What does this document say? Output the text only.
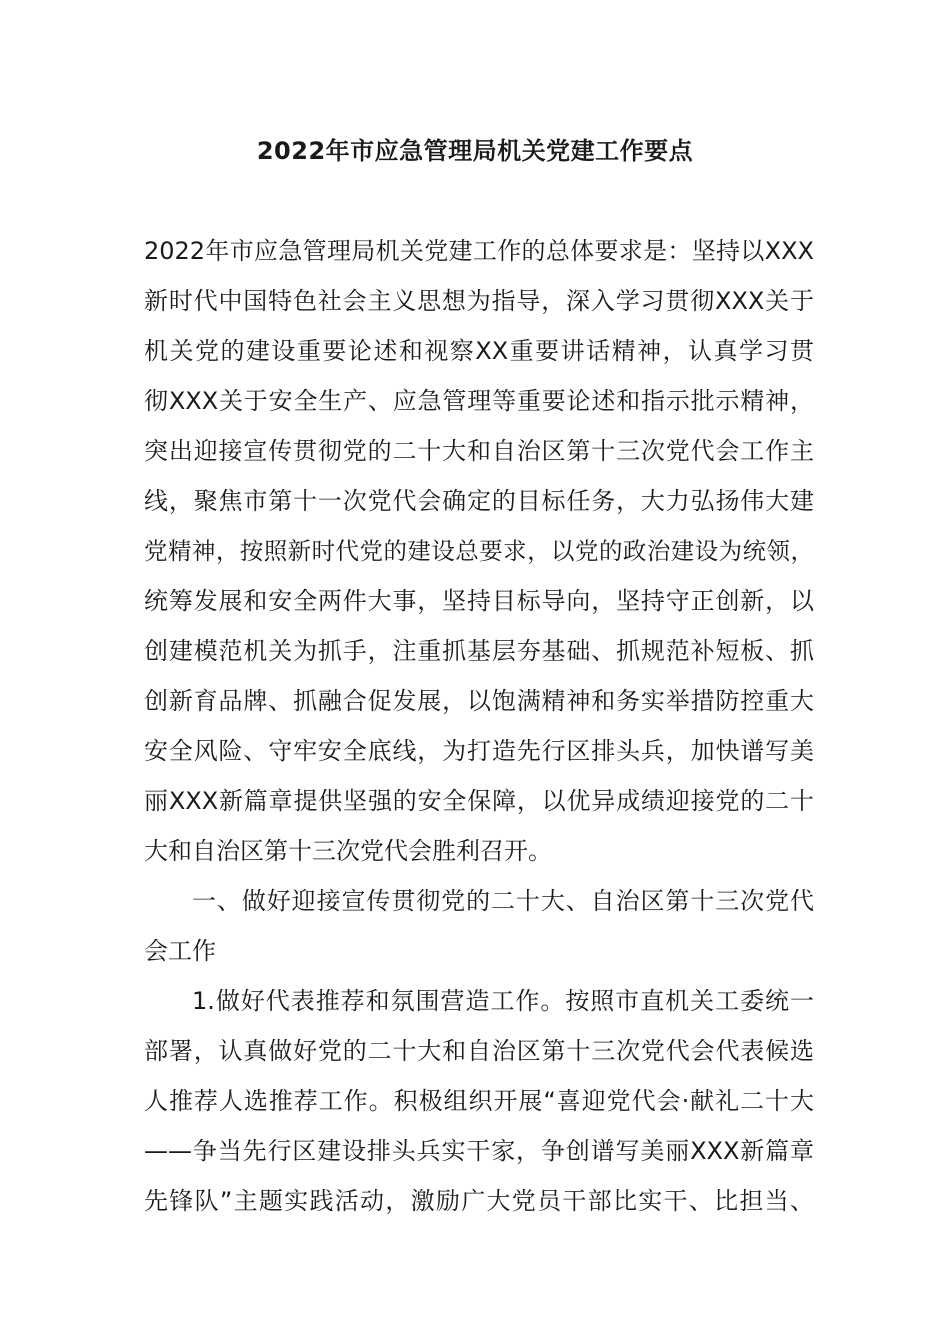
2022年市应急管理局机关党建工作要点
2022年市应急管理局机关党建工作的总体要求是：坚持以XXX
新时代中国特色社会主义思想为指导，深入学习贯彻XXX关于
机关党的建设重要论述和视察XX重要讲话精神，认真学习贯
彻XXX关于安全生产、应急管理等重要论述和指示批示精神，
突出迎接宣传贯彻党的二十大和自治区第十三次党代会工作主
线，聚焦市第十一次党代会确定的目标任务，大力弘扬伟大建
党精神，按照新时代党的建设总要求，以党的政治建设为统领，
统筹发展和安全两件大事，坚持目标导向，坚持守正创新，以
创建模范机关为抓手，注重抓基层夯基础、抓规范补短板、抓
创新育品牌、抓融合促发展，以饱满精神和务实举措防控重大
安全风险、守牢安全底线，为打造先行区排头兵，加快谱写美
丽XXX新篇章提供坚强的安全保障，以优异成绩迎接党的二十
大和自治区第十三次党代会胜利召开。
一、做好迎接宣传贯彻党的二十大、自治区第十三次党代
会工作
1.做好代表推荐和氛围营造工作。按照市直机关工委统一
部署，认真做好党的二十大和自治区第十三次党代会代表候选
人推荐人选推荐工作。积极组织开展“喜迎党代会·献礼二十大
——争当先行区建设排头兵实干家，争创谱写美丽XXX新篇章
先锋队”主题实践活动，激励广大党员干部比实干、比担当、
